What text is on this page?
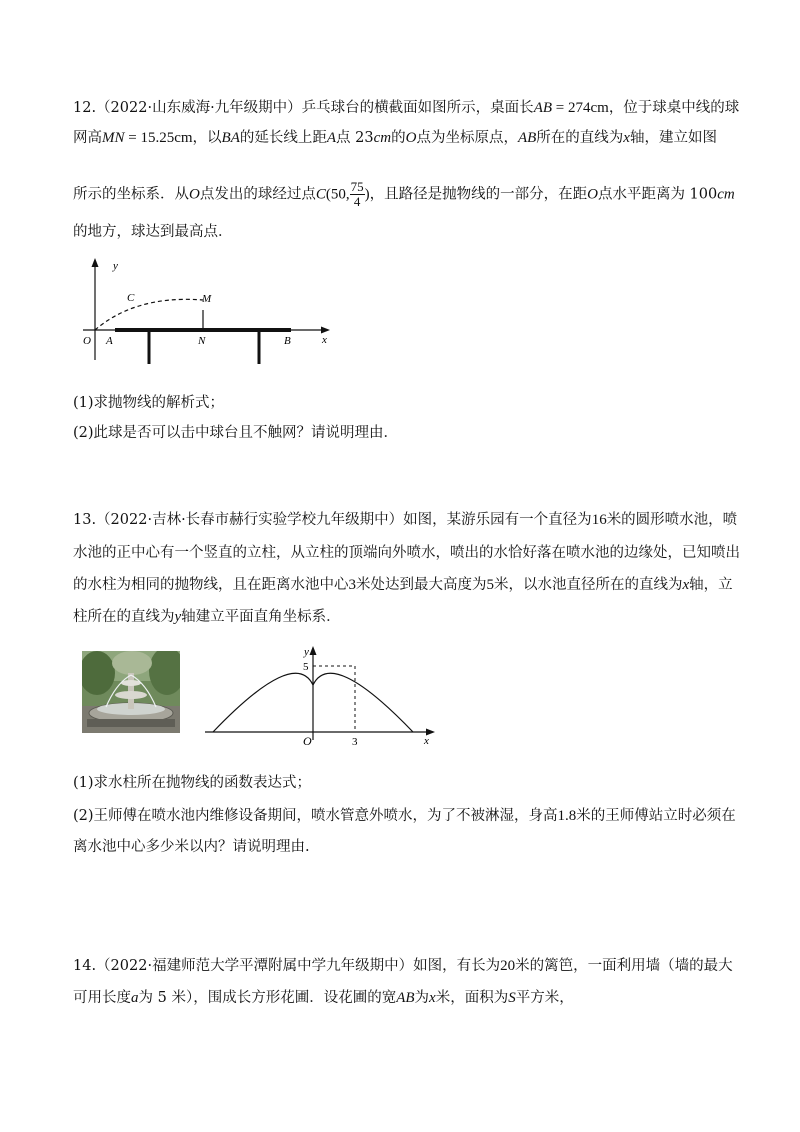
12.（2022·山东威海·九年级期中）乒乓球台的横截面如图所示，桌面长AB = 274cm，位于球桌中线的球
网高MN = 15.25cm，以BA的延长线上距A点 23cm的O点为坐标原点，AB所在的直线为x轴，建立如图
所示的坐标系．从O点发出的球经过点C(50, $\frac{75}{4}$ )，且路径是抛物线的一部分，在距O点水平距离为 100cm
的地方，球达到最高点．
y
x
O A	N	B
C	M
(1)求抛物线的解析式；
(2)此球是否可以击中球台且不触网？请说明理由．
13.（2022·吉林·长春市赫行实验学校九年级期中）如图，某游乐园有一个直径为16米的圆形喷水池，喷
水池的正中心有一个竖直的立柱，从立柱的顶端向外喷水，喷出的水恰好落在喷水池的边缘处，已知喷出
的水柱为相同的抛物线，且在距离水池中心3米处达到最大高度为5米，以水池直径所在的直线为x轴，立
柱所在的直线为y轴建立平面直角坐标系．
y
x
O
5
3
(1)求水柱所在抛物线的函数表达式；
(2)王师傅在喷水池内维修设备期间，喷水管意外喷水，为了不被淋湿，身高1.8米的王师傅站立时必须在
离水池中心多少米以内？请说明理由.
14.（2022·福建师范大学平潭附属中学九年级期中）如图，有长为20米的篱笆，一面利用墙（墙的最大
可用长度a为 5 米），围成长方形花圃．设花圃的宽AB为x米，面积为S平方米，
